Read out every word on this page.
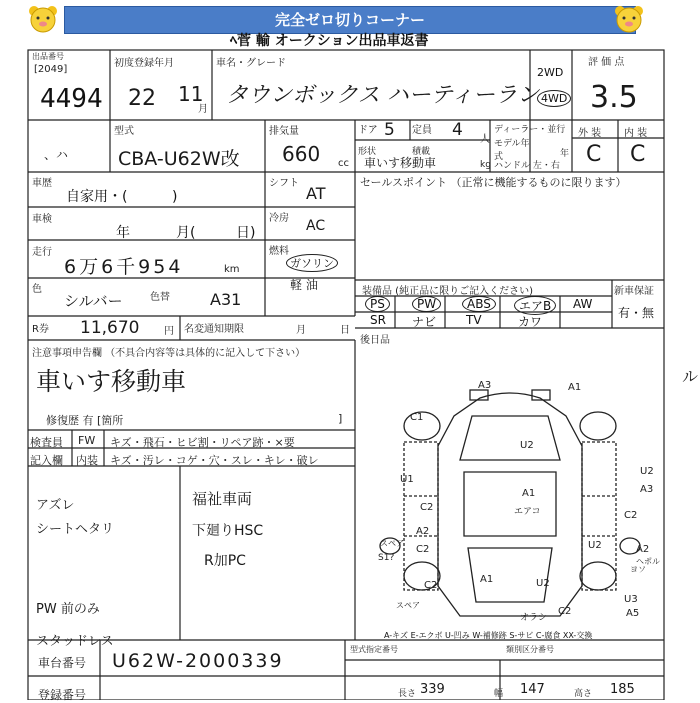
完全ゼロ切りコーナー
出品番号
ﾍ菅 輸 オークション出品車返書
[2049]
4494
初度登録年月
22 11
月
車名・グレード
タウンボックス ハーティーラン
2WD
4WD
評 価 点
3.5
外 装 内 装
C C
型式
CBA-U62W改
、ハ
排気量
660 cc
ドア 5 定員 4 人
形状
車いす移動車
積載
kg
ディーラー・並行
モデル年式	年
ハンドル 左・右
車歴
自家用・(          )
シフト
AT
セールスポイント （正常に機能するものに限ります）
車検
年	月(	日)
冷房 AC
走行
6万6千954	km
燃料
ガソリン
軽 油
色
シルバー	色替	A31	装備品 (純正品に限りご記入ください)
PS	PW	ABS	エアB	AW
SR ナビ TV	カワ
新車保証
有・無
R券 11,670 円 名変通知期限	月	日
後日品
注意事項申告欄 （不具合内容等は具体的に記入して下さい）
車いす移動車
修復歴 有 [箇所	]
検査員 FW キズ・飛石・ヒビ割・リペア跡・×要
記入欄 内装 キズ・汚レ・コゲ・穴・スレ・キレ・破レ
アズレ
シートヘタリ
PW 前のみ
スタッドレス
福祉車両
下廻りHSC
R加PC
車台番号 U62W-2000339
登録番号
型式指定番号	類別区分番号
長さ 339	幅 147	高さ 185
A-キズ E-エクボ U-凹み W-補修跡 S-サビ C-腐食 XX-交換
ル
A3	A1
C1
U2
U2
A3
U1
A1
エアコ
C2
C2
A2
スペア	U2	A2
S1?
C2
U2
C2
A1
U3
ヨソ
ヘポル
スペア
A5
オラシ
C2
